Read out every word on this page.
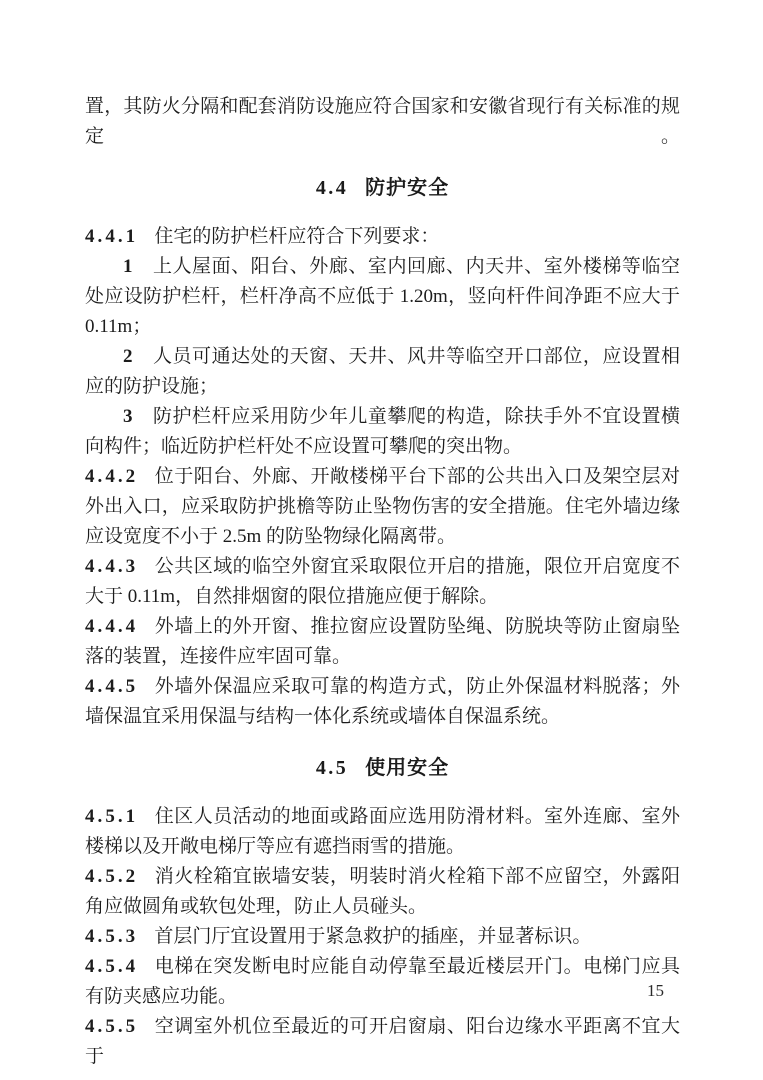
置，其防火分隔和配套消防设施应符合国家和安徽省现行有关标准的规定。

4.4 防护安全

4.4.1 住宅的防护栏杆应符合下列要求：

1 上人屋面、阳台、外廊、室内回廊、内天井、室外楼梯等临空处应设防护栏杆，栏杆净高不应低于 1.20m，竖向杆件间净距不应大于 0.11m；

2 人员可通达处的天窗、天井、风井等临空开口部位，应设置相应的防护设施；

3 防护栏杆应采用防少年儿童攀爬的构造，除扶手外不宜设置横向构件；临近防护栏杆处不应设置可攀爬的突出物。

4.4.2 位于阳台、外廊、开敞楼梯平台下部的公共出入口及架空层对外出入口，应采取防护挑檐等防止坠物伤害的安全措施。住宅外墙边缘应设宽度不小于 2.5m 的防坠物绿化隔离带。

4.4.3 公共区域的临空外窗宜采取限位开启的措施，限位开启宽度不大于 0.11m，自然排烟窗的限位措施应便于解除。

4.4.4 外墙上的外开窗、推拉窗应设置防坠绳、防脱块等防止窗扇坠落的装置，连接件应牢固可靠。

4.4.5 外墙外保温应采取可靠的构造方式，防止外保温材料脱落；外墙保温宜采用保温与结构一体化系统或墙体自保温系统。

4.5 使用安全

4.5.1 住区人员活动的地面或路面应选用防滑材料。室外连廊、室外楼梯以及开敞电梯厅等应有遮挡雨雪的措施。

4.5.2 消火栓箱宜嵌墙安装，明装时消火栓箱下部不应留空，外露阳角应做圆角或软包处理，防止人员碰头。

4.5.3 首层门厅宜设置用于紧急救护的插座，并显著标识。

4.5.4 电梯在突发断电时应能自动停靠至最近楼层开门。电梯门应具有防夹感应功能。

4.5.5 空调室外机位至最近的可开启窗扇、阳台边缘水平距离不宜大于

15
